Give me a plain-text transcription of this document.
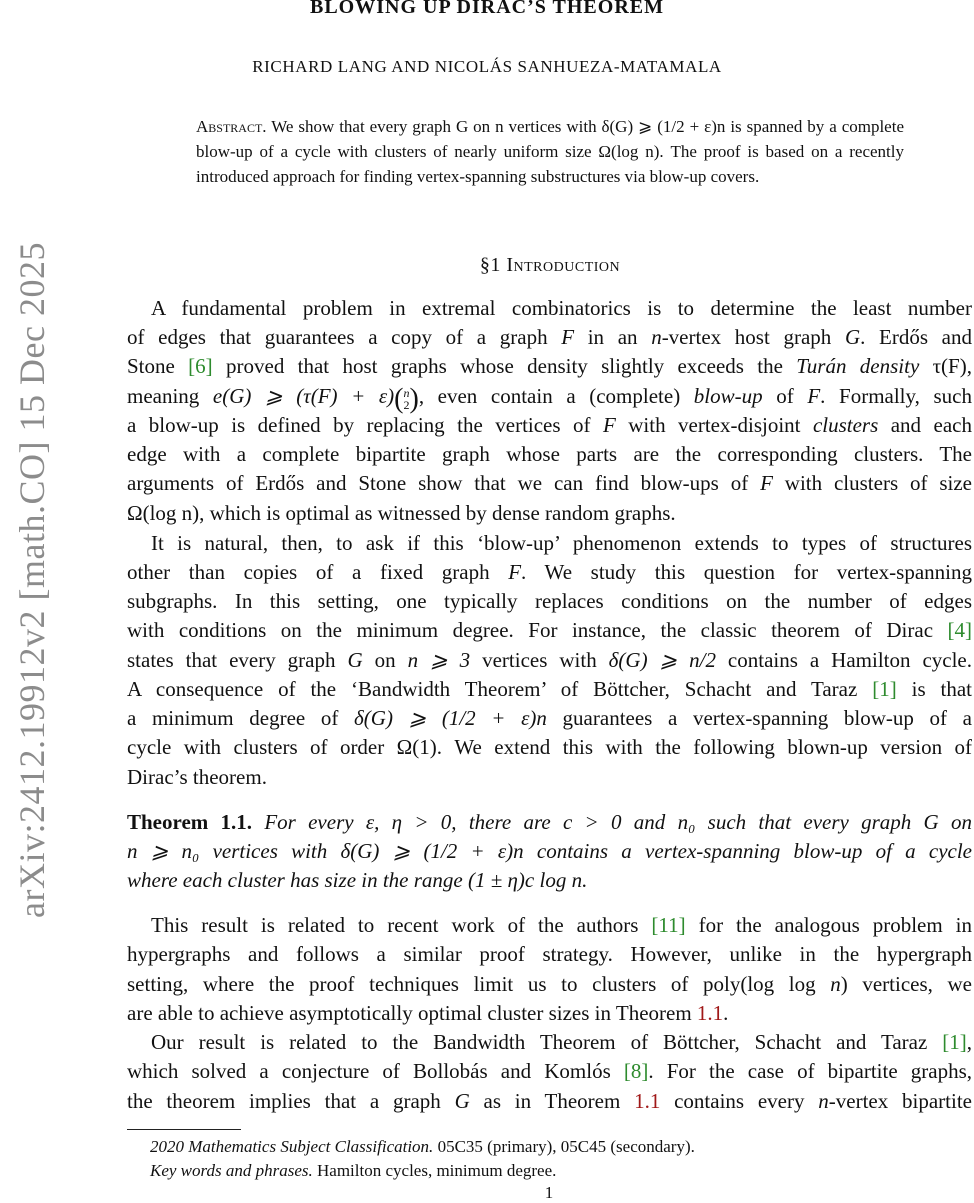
arXiv:2412.19912v2 [math.CO] 15 Dec 2025
BLOWING UP DIRAC’S THEOREM
RICHARD LANG AND NICOLÁS SANHUEZA-MATAMALA
Abstract. We show that every graph G on n vertices with δ(G) ⩾ (1/2 + ε)n is spanned by a complete blow-up of a cycle with clusters of nearly uniform size Ω(log n). The proof is based on a recently introduced approach for finding vertex-spanning substructures via blow-up covers.
§1 Introduction
A fundamental problem in extremal combinatorics is to determine the least number
of edges that guarantees a copy of a graph F in an n-vertex host graph G. Erdős and
Stone [6] proved that host graphs whose density slightly exceeds the Turán density τ(F),
meaning e(G) ⩾ (τ(F) + ε)(n
2), even contain a (complete) blow-up of F. Formally, such
a blow-up is defined by replacing the vertices of F with vertex-disjoint clusters and each
edge with a complete bipartite graph whose parts are the corresponding clusters. The
arguments of Erdős and Stone show that we can find blow-ups of F with clusters of size
Ω(log n), which is optimal as witnessed by dense random graphs.
It is natural, then, to ask if this ‘blow-up’ phenomenon extends to types of structures
other than copies of a fixed graph F. We study this question for vertex-spanning
subgraphs. In this setting, one typically replaces conditions on the number of edges
with conditions on the minimum degree. For instance, the classic theorem of Dirac [4]
states that every graph G on n ⩾ 3 vertices with δ(G) ⩾ n/2 contains a Hamilton cycle.
A consequence of the ‘Bandwidth Theorem’ of Böttcher, Schacht and Taraz [1] is that
a minimum degree of δ(G) ⩾ (1/2 + ε)n guarantees a vertex-spanning blow-up of a
cycle with clusters of order Ω(1). We extend this with the following blown-up version of
Dirac’s theorem.
Theorem 1.1. For every ε, η > 0, there are c > 0 and n₀ such that every graph G on
n ⩾ n₀ vertices with δ(G) ⩾ (1/2 + ε)n contains a vertex-spanning blow-up of a cycle
where each cluster has size in the range (1 ± η)c log n.
This result is related to recent work of the authors [11] for the analogous problem in
hypergraphs and follows a similar proof strategy. However, unlike in the hypergraph
setting, where the proof techniques limit us to clusters of poly(log log n) vertices, we
are able to achieve asymptotically optimal cluster sizes in Theorem 1.1.
Our result is related to the Bandwidth Theorem of Böttcher, Schacht and Taraz [1],
which solved a conjecture of Bollobás and Komlós [8]. For the case of bipartite graphs,
the theorem implies that a graph G as in Theorem 1.1 contains every n-vertex bipartite
2020 Mathematics Subject Classification. 05C35 (primary), 05C45 (secondary).
Key words and phrases. Hamilton cycles, minimum degree.
1
